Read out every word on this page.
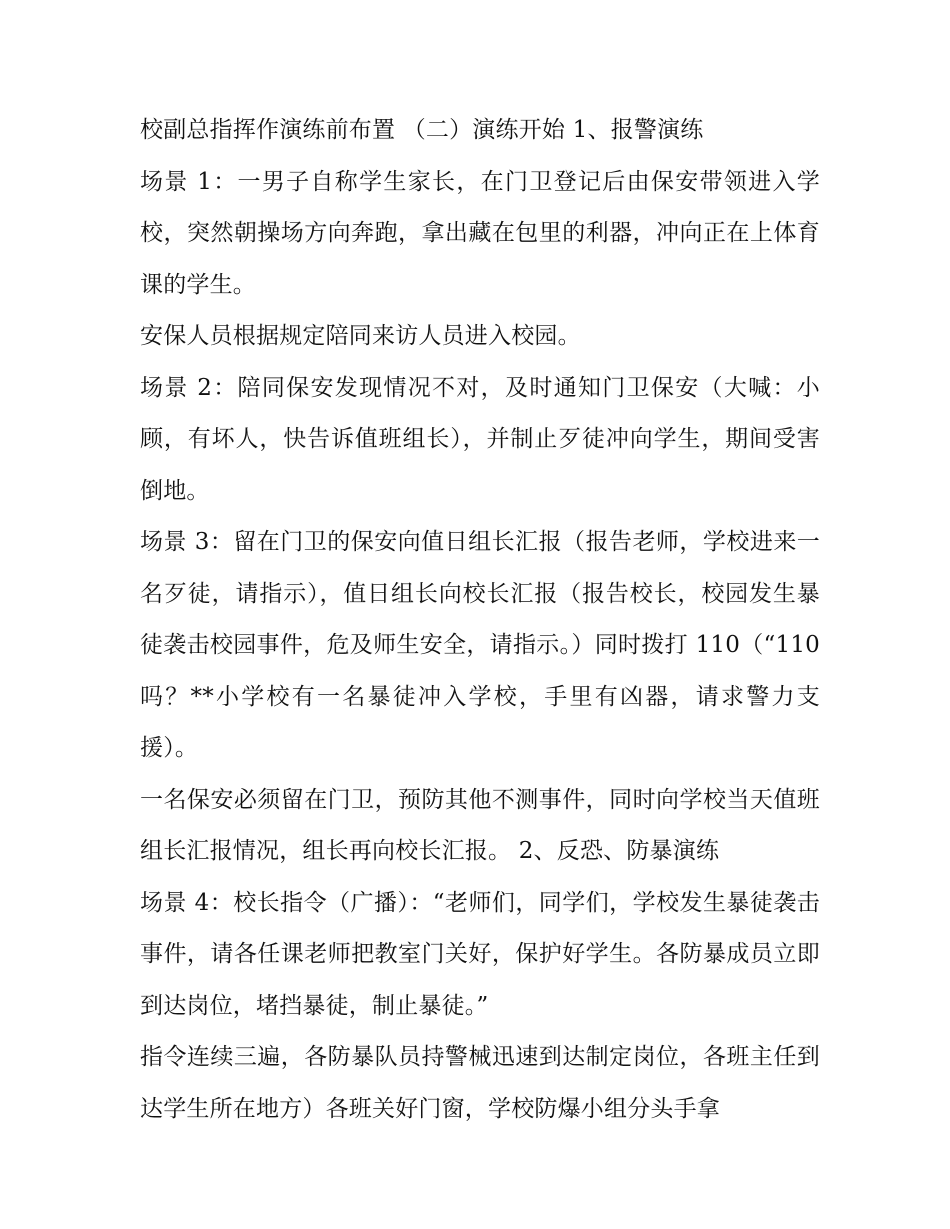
校副总指挥作演练前布置 （二）演练开始 1、报警演练

场景 1：一男子自称学生家长，在门卫登记后由保安带领进入学校，突然朝操场方向奔跑，拿出藏在包里的利器，冲向正在上体育课的学生。

安保人员根据规定陪同来访人员进入校园。

场景 2：陪同保安发现情况不对，及时通知门卫保安（大喊：小顾，有坏人，快告诉值班组长），并制止歹徒冲向学生，期间受害倒地。

场景 3：留在门卫的保安向值日组长汇报（报告老师，学校进来一名歹徒，请指示），值日组长向校长汇报（报告校长，校园发生暴徒袭击校园事件，危及师生安全，请指示。）同时拨打 110（“110 吗？**小学校有一名暴徒冲入学校，手里有凶器，请求警力支援）。

一名保安必须留在门卫，预防其他不测事件，同时向学校当天值班组长汇报情况，组长再向校长汇报。 2、反恐、防暴演练

场景 4：校长指令（广播）：“老师们，同学们，学校发生暴徒袭击事件，请各任课老师把教室门关好，保护好学生。各防暴成员立即到达岗位，堵挡暴徒，制止暴徒。”

指令连续三遍，各防暴队员持警械迅速到达制定岗位，各班主任到达学生所在地方）各班关好门窗，学校防爆小组分头手拿
